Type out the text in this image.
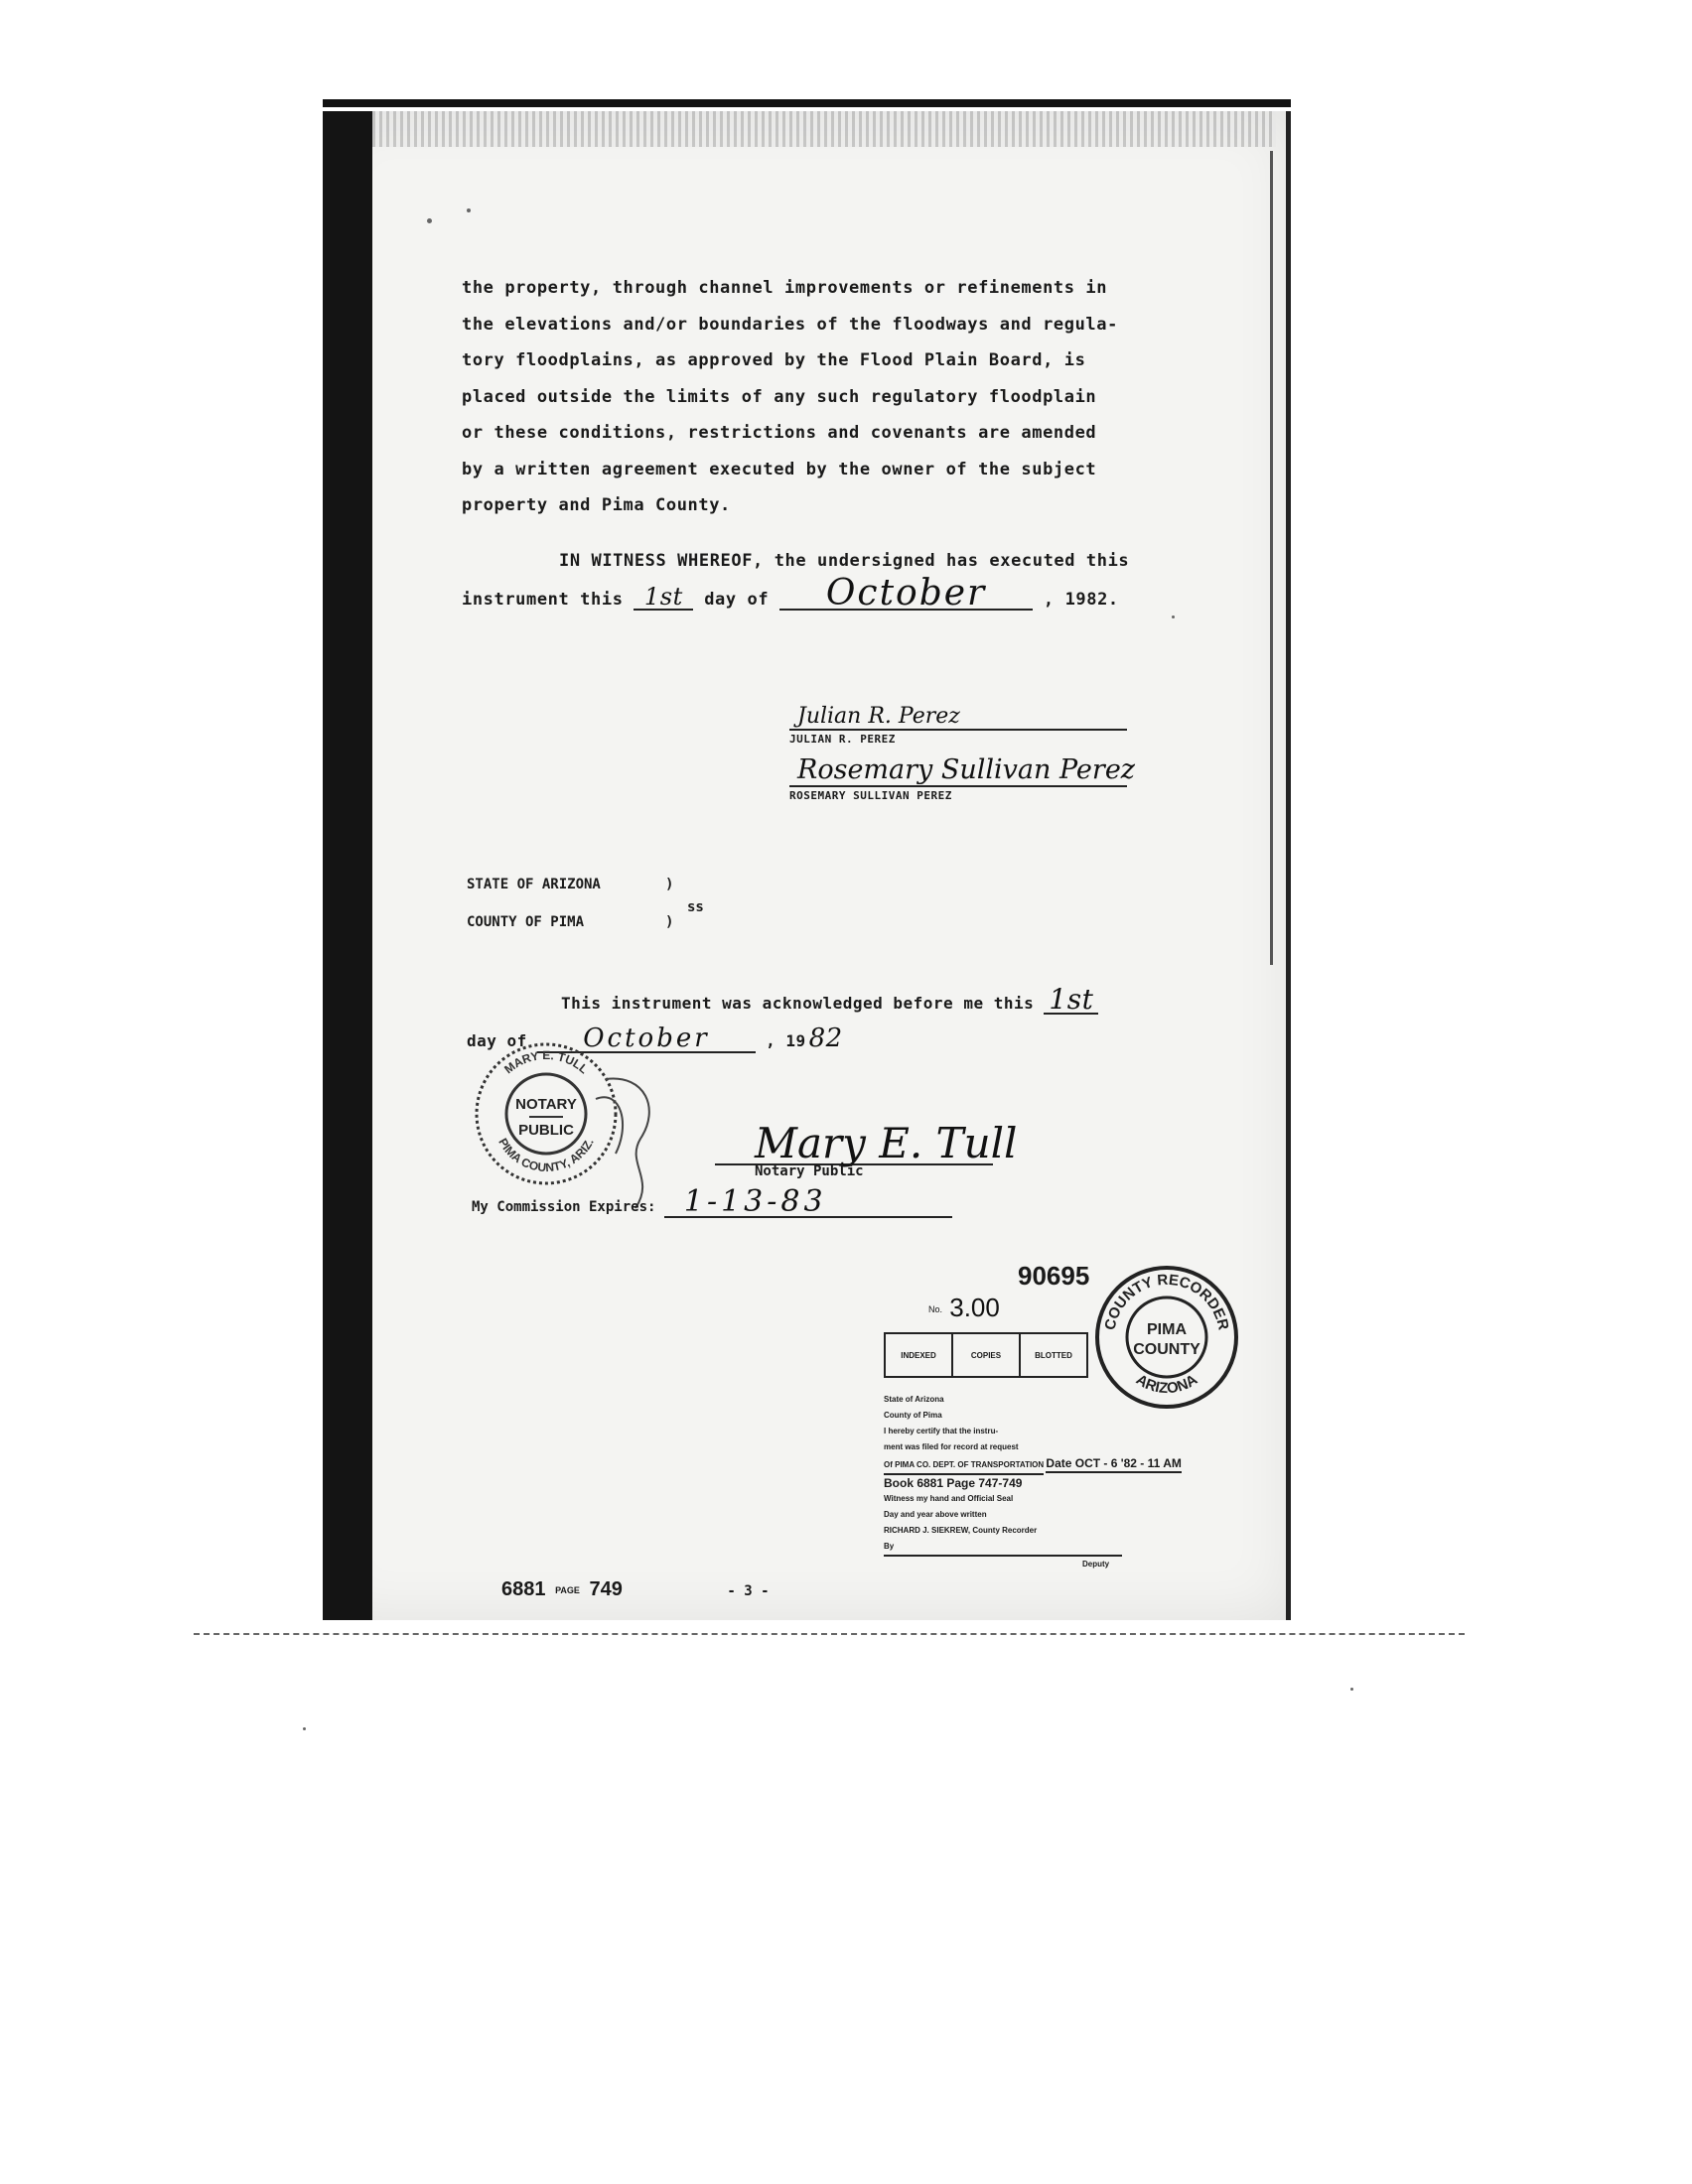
the property, through channel improvements or refinements in
the elevations and/or boundaries of the floodways and regula-
tory floodplains, as approved by the Flood Plain Board, is
placed outside the limits of any such regulatory floodplain
or these conditions, restrictions and covenants are amended
by a written agreement executed by the owner of the subject
property and Pima County.
IN WITNESS WHEREOF, the undersigned has executed this
instrument this 1st day of October	, 1982.
Julian R. Perez
JULIAN R. PEREZ
Rosemary Sullivan Perez
ROSEMARY SULLIVAN PEREZ
STATE OF ARIZONA	)
ss
COUNTY OF PIMA	)
This instrument was acknowledged before me this 1st
day of October	, 19 82
MARY E. TULL
PIMA COUNTY, ARIZ.
NOTARY
PUBLIC	Mary E. Tull
Notary Public
My Commission Expires: 1-13-83
90695
No. 3.00
COUNTY RECORDER
ARIZONA
PIMA
COUNTY
INDEXED	COPIES	BLOTTED
State of Arizona
County of Pima
I hereby certify that the instru-
ment was filed for record at request
Of PIMA CO. DEPT. OF TRANSPORTATION Date OCT - 6 '82 - 11 AM
Book 6881 Page 747-749
Witness my hand and Official Seal
Day and year above written
RICHARD J. SIEKREW, County Recorder
By
Deputy
6881 PAGE 749	- 3 -
